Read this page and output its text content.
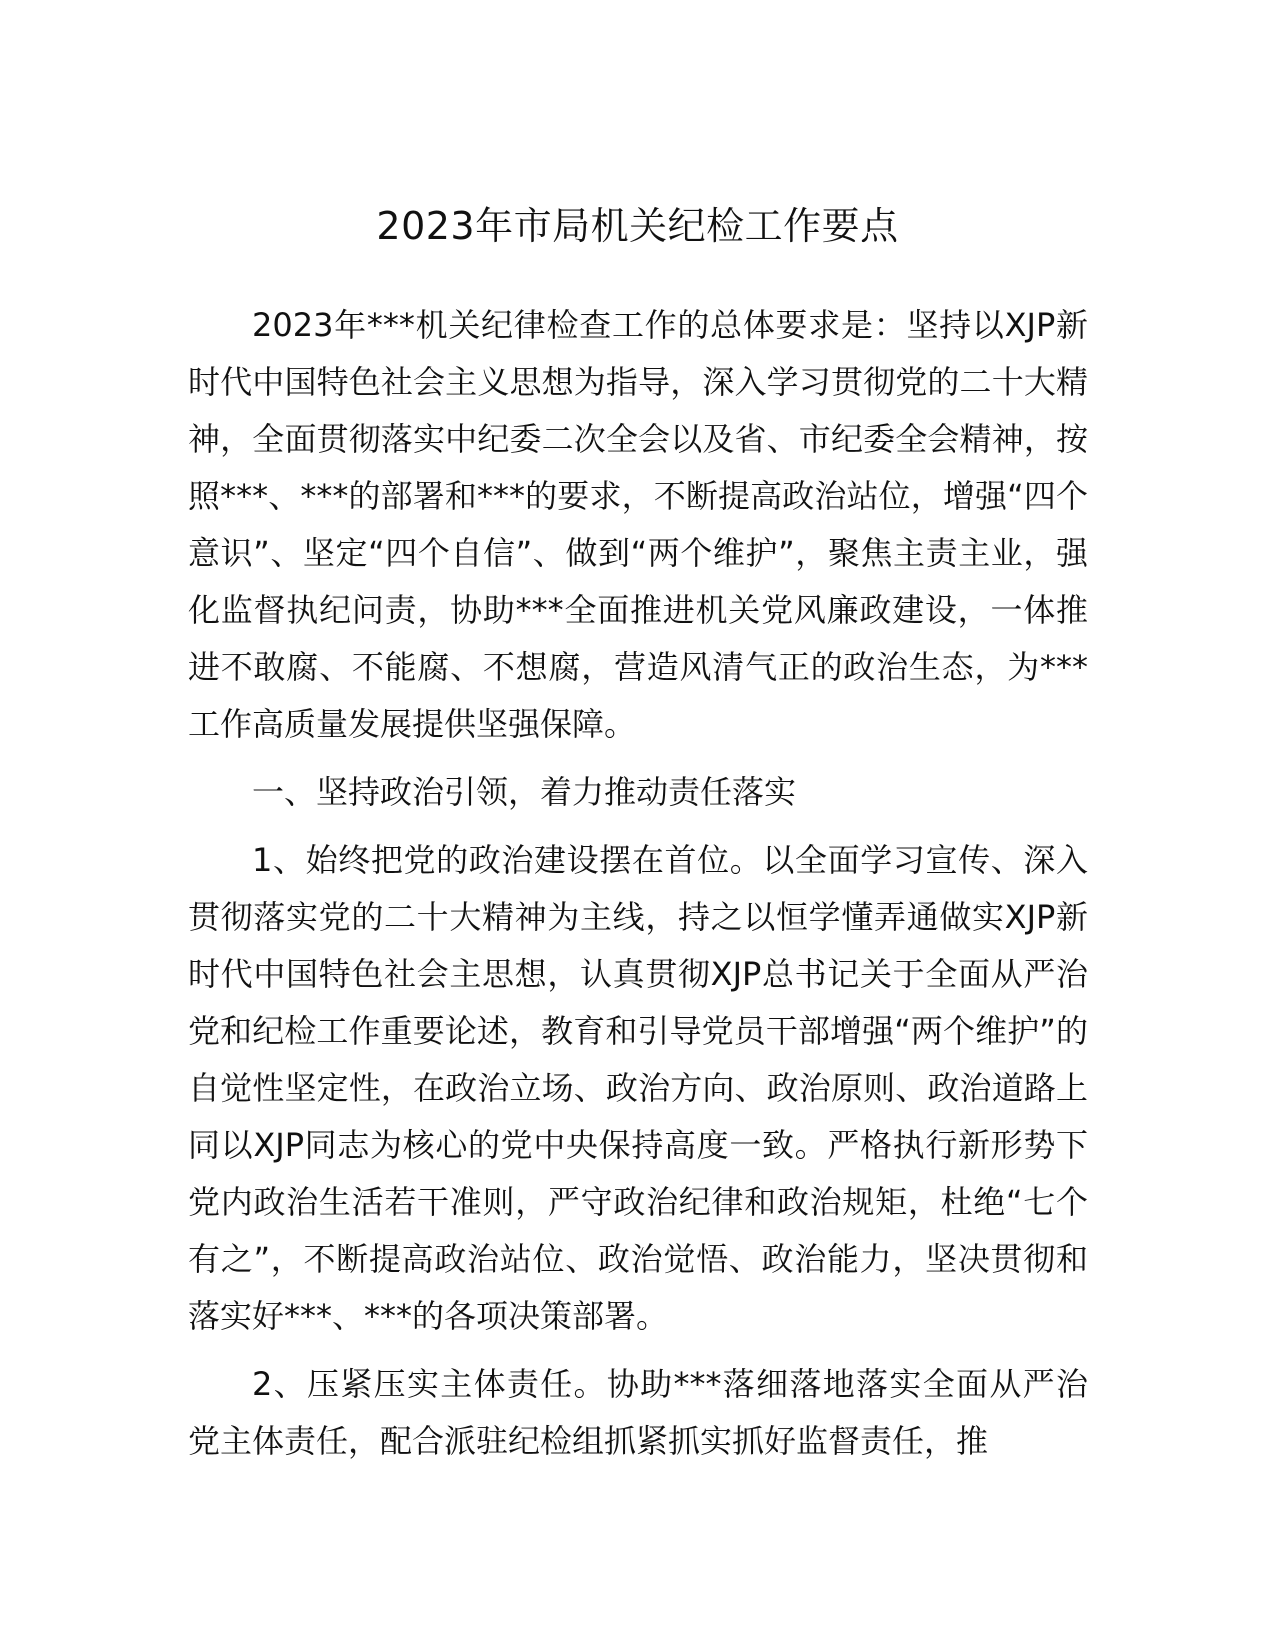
2023年市局机关纪检工作要点

2023年***机关纪律检查工作的总体要求是：坚持以XJP新时代中国特色社会主义思想为指导，深入学习贯彻党的二十大精神，全面贯彻落实中纪委二次全会以及省、市纪委全会精神，按照***、***的部署和***的要求，不断提高政治站位，增强“四个意识”、坚定“四个自信”、做到“两个维护”，聚焦主责主业，强化监督执纪问责，协助***全面推进机关党风廉政建设，一体推进不敢腐、不能腐、不想腐，营造风清气正的政治生态，为***工作高质量发展提供坚强保障。

一、坚持政治引领，着力推动责任落实

1、始终把党的政治建设摆在首位。以全面学习宣传、深入贯彻落实党的二十大精神为主线，持之以恒学懂弄通做实XJP新时代中国特色社会主思想，认真贯彻XJP总书记关于全面从严治党和纪检工作重要论述，教育和引导党员干部增强“两个维护”的自觉性坚定性，在政治立场、政治方向、政治原则、政治道路上同以XJP同志为核心的党中央保持高度一致。严格执行新形势下党内政治生活若干准则，严守政治纪律和政治规矩，杜绝“七个有之”，不断提高政治站位、政治觉悟、政治能力，坚决贯彻和落实好***、***的各项决策部署。

2、压紧压实主体责任。协助***落细落地落实全面从严治党主体责任，配合派驻纪检组抓紧抓实抓好监督责任，推
